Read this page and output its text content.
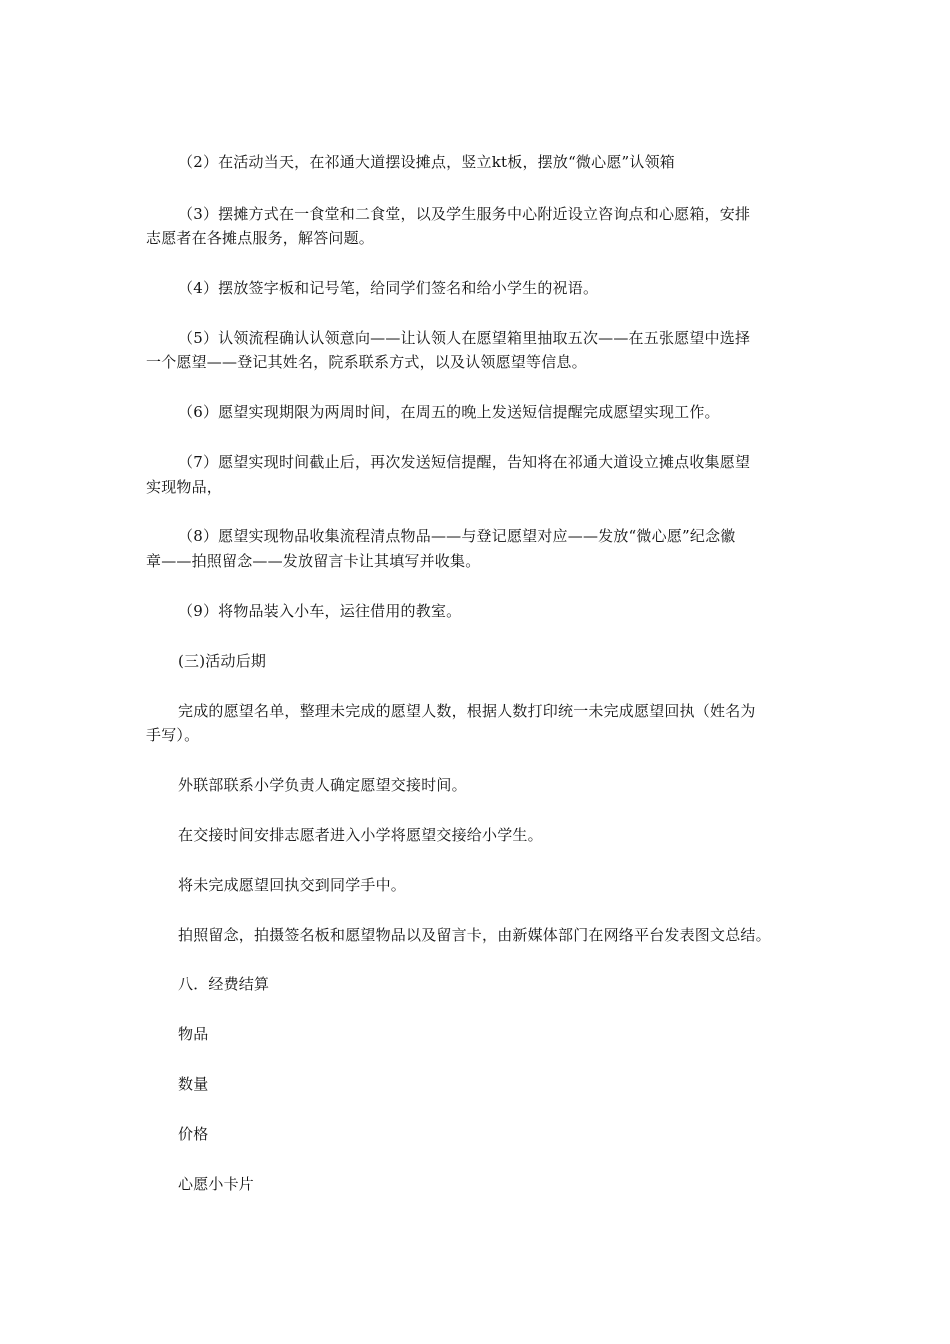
（2）在活动当天，在祁通大道摆设摊点，竖立kt板，摆放“微心愿”认领箱
（3）摆摊方式在一食堂和二食堂，以及学生服务中心附近设立咨询点和心愿箱，安排
志愿者在各摊点服务，解答问题。
（4）摆放签字板和记号笔，给同学们签名和给小学生的祝语。
（5）认领流程确认认领意向——让认领人在愿望箱里抽取五次——在五张愿望中选择
一个愿望——登记其姓名，院系联系方式，以及认领愿望等信息。
（6）愿望实现期限为两周时间，在周五的晚上发送短信提醒完成愿望实现工作。
（7）愿望实现时间截止后，再次发送短信提醒，告知将在祁通大道设立摊点收集愿望
实现物品，
（8）愿望实现物品收集流程清点物品——与登记愿望对应——发放“微心愿”纪念徽
章——拍照留念——发放留言卡让其填写并收集。
（9）将物品装入小车，运往借用的教室。
(三)活动后期
完成的愿望名单，整理未完成的愿望人数，根据人数打印统一未完成愿望回执（姓名为
手写）。
外联部联系小学负责人确定愿望交接时间。
在交接时间安排志愿者进入小学将愿望交接给小学生。
将未完成愿望回执交到同学手中。
拍照留念，拍摄签名板和愿望物品以及留言卡，由新媒体部门在网络平台发表图文总结。
八．经费结算
物品
数量
价格
心愿小卡片
